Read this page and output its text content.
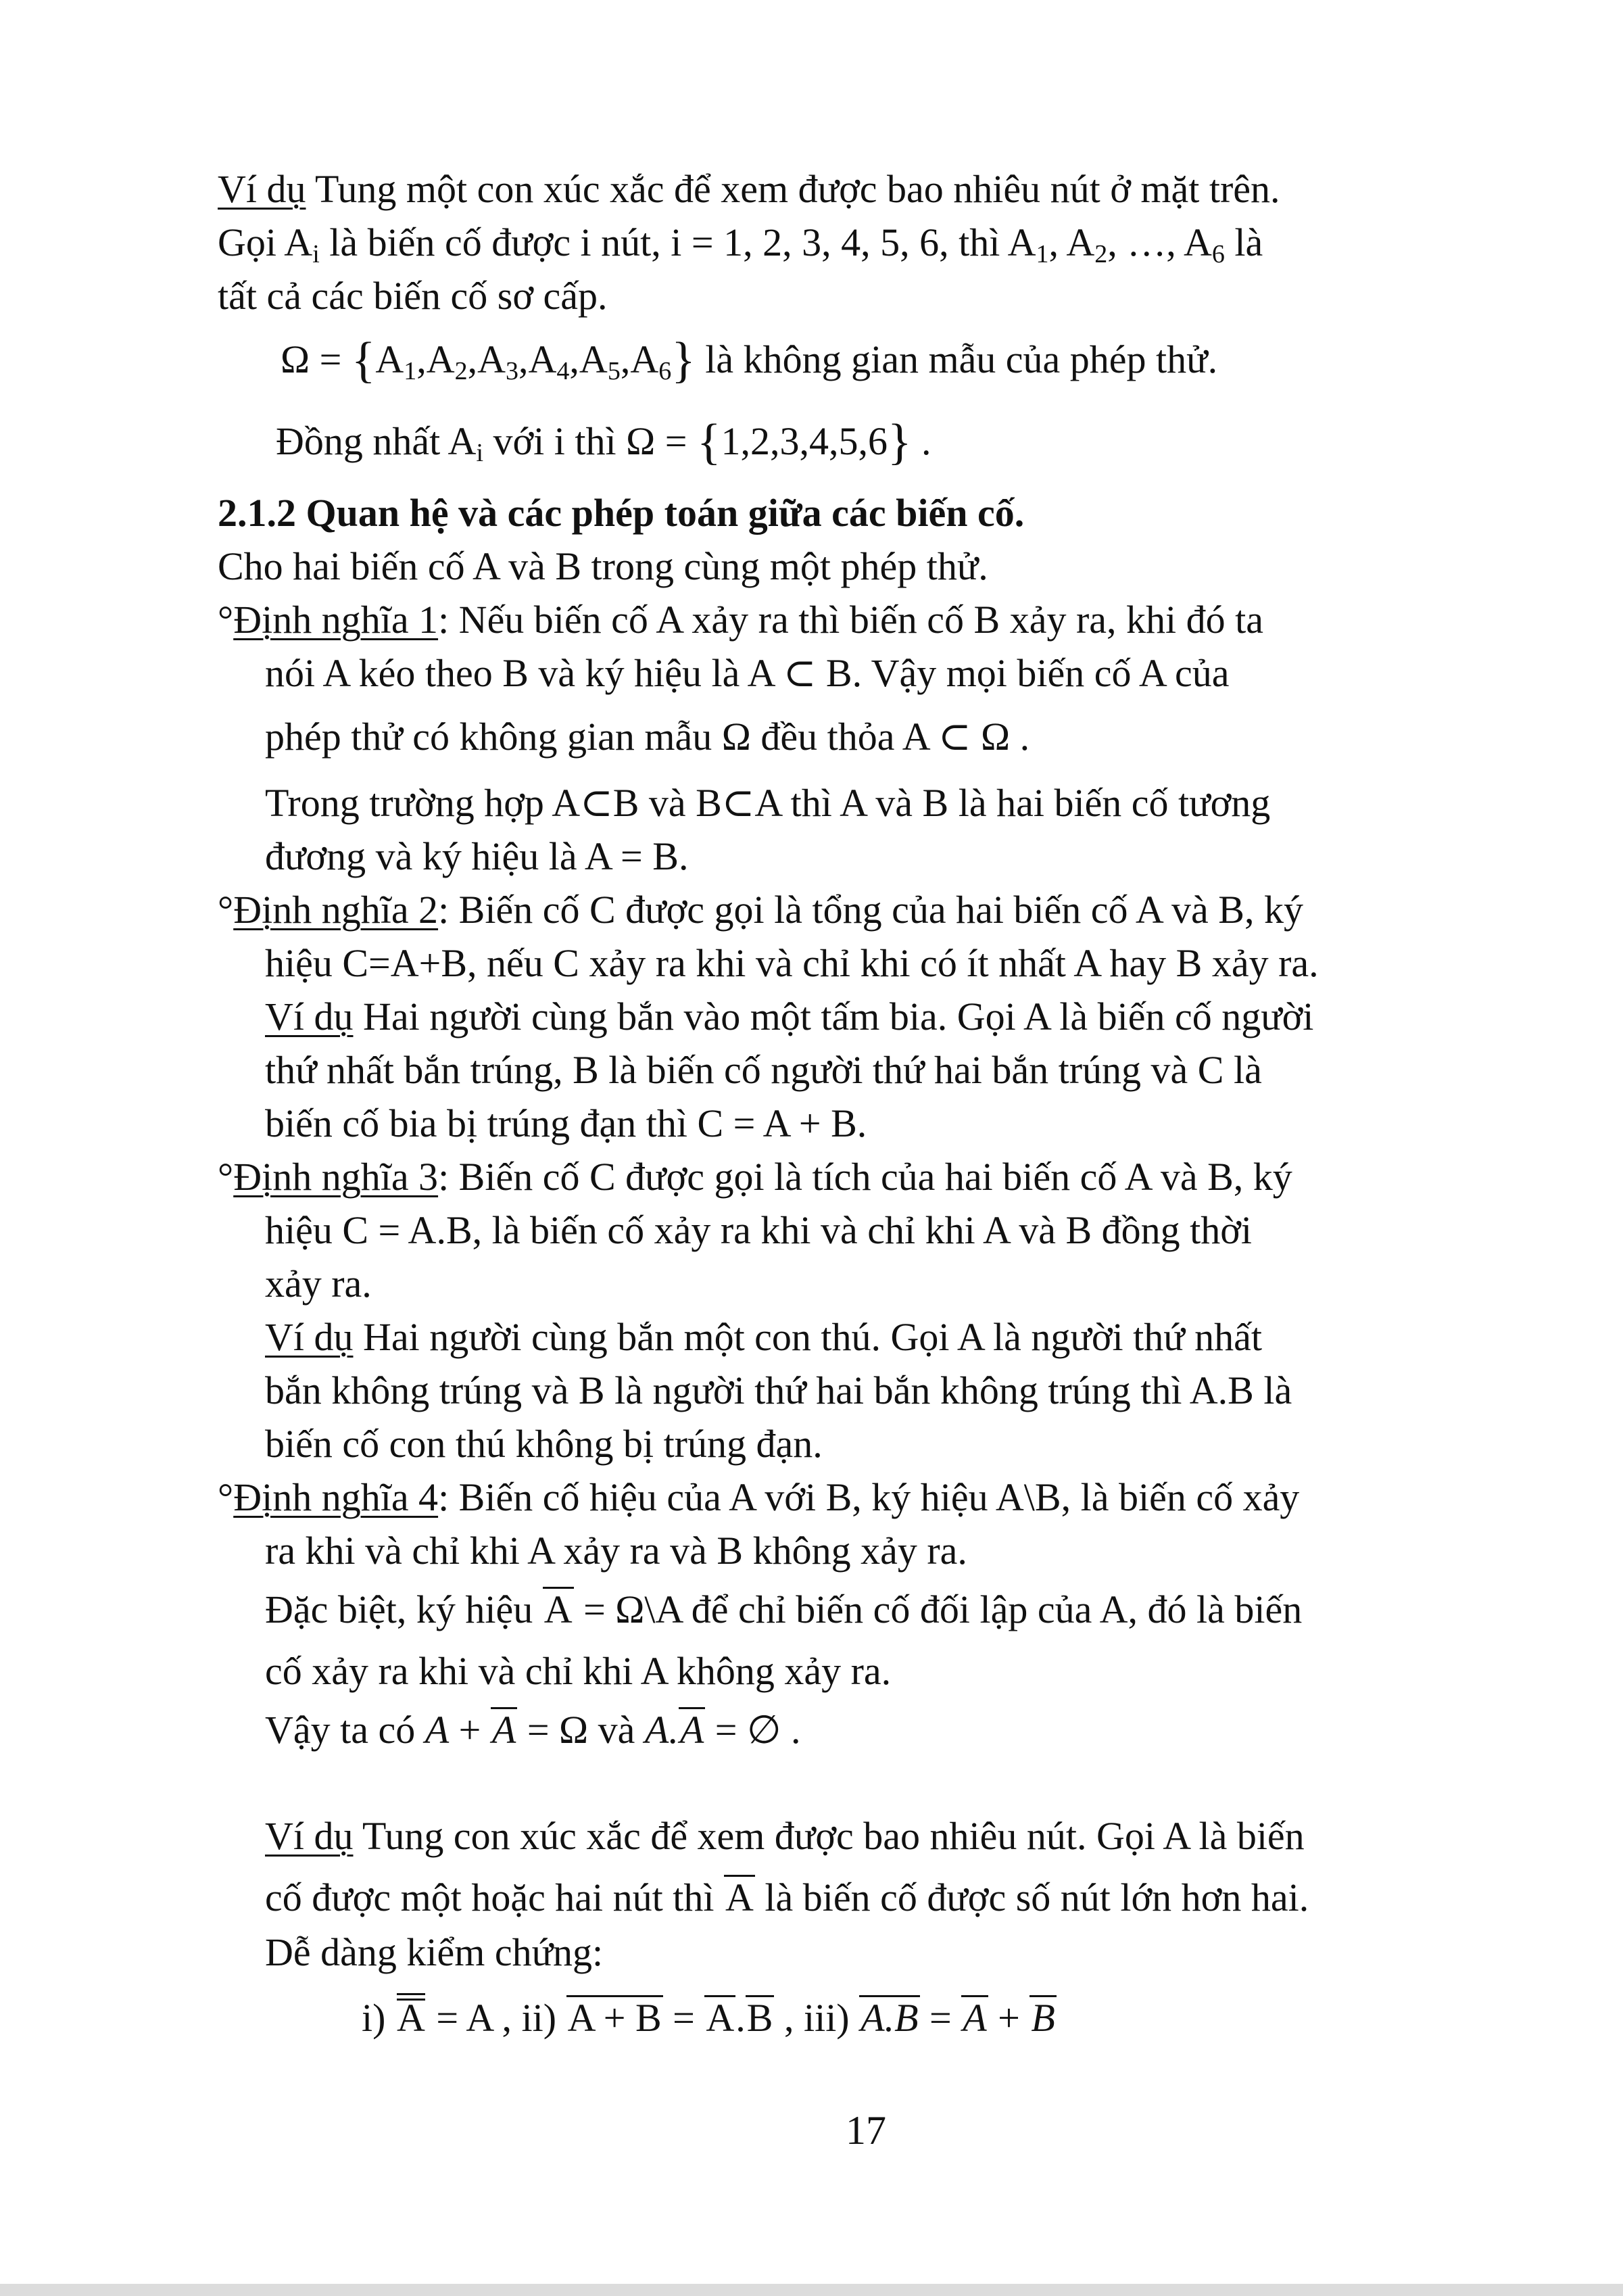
Ví dụ Tung một con xúc xắc để xem được bao nhiêu nút ở mặt trên.
Gọi $A_i$ là biến cố được i nút, i = 1, 2, 3, 4, 5, 6, thì $A_1$, $A_2$, …, $A_6$ là
tất cả các biến cố sơ cấp.
$\Omega = \{A_1,A_2,A_3,A_4,A_5,A_6\}$ là không gian mẫu của phép thử.
Đồng nhất $A_i$ với i thì Ω = {1,2,3,4,5,6} .
2.1.2 Quan hệ và các phép toán giữa các biến cố.
Cho hai biến cố A và B trong cùng một phép thử.
°Định nghĩa 1: Nếu biến cố A xảy ra thì biến cố B xảy ra, khi đó ta
nói A kéo theo B và ký hiệu là A ⊂ B. Vậy mọi biến cố A của
phép thử có không gian mẫu Ω đều thỏa A ⊂ Ω .
Trong trường hợp A⊂B và B⊂A thì A và B là hai biến cố tương
đương và ký hiệu là A = B.
°Định nghĩa 2: Biến cố C được gọi là tổng của hai biến cố A và B, ký
hiệu C=A+B, nếu C xảy ra khi và chỉ khi có ít nhất A hay B xảy ra.
Ví dụ Hai người cùng bắn vào một tấm bia. Gọi A là biến cố người
thứ nhất bắn trúng, B là biến cố người thứ hai bắn trúng và C là
biến cố bia bị trúng đạn thì C = A + B.
°Định nghĩa 3: Biến cố C được gọi là tích của hai biến cố A và B, ký
hiệu C = A.B, là biến cố xảy ra khi và chỉ khi A và B đồng thời
xảy ra.
Ví dụ Hai người cùng bắn một con thú. Gọi A là người thứ nhất
bắn không trúng và B là người thứ hai bắn không trúng thì A.B là
biến cố con thú không bị trúng đạn.
°Định nghĩa 4: Biến cố hiệu của A với B, ký hiệu A\B, là biến cố xảy
ra khi và chỉ khi A xảy ra và B không xảy ra.
Đặc biệt, ký hiệu A = Ω\A để chỉ biến cố đối lập của A, đó là biến
cố xảy ra khi và chỉ khi A không xảy ra.
Vậy ta có A + A = Ω và A.A = ∅ .
Ví dụ Tung con xúc xắc để xem được bao nhiêu nút. Gọi A là biến
cố được một hoặc hai nút thì A là biến cố được số nút lớn hơn hai.
Dễ dàng kiểm chứng:
i) A = A , ii) A + B = A.B , iii) A.B = A + B
17
